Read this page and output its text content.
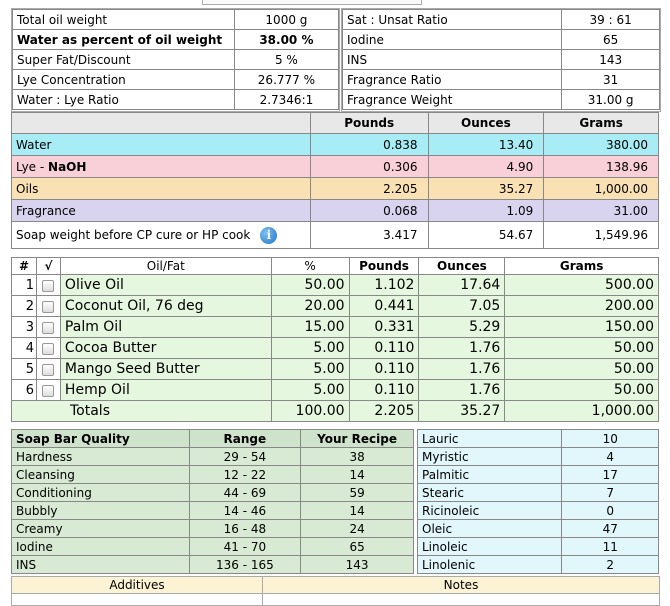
Total oil weight	1000 g
Water as percent of oil weight	38.00 %
Super Fat/Discount	5 %
Lye Concentration	26.777 %
Water : Lye Ratio	2.7346:1
Sat : Unsat Ratio	39 : 61
Iodine	65
INS	143
Fragrance Ratio	31
Fragrance Weight	31.00 g
	Pounds	Ounces	Grams
Water	0.838	13.40	380.00
Lye - NaOH	0.306	4.90	138.96
Oils	2.205	35.27	1,000.00
Fragrance	0.068	1.09	31.00
Soap weight before CP cure or HP cook i	3.417	54.67	1,549.96
#	√	Oil/Fat	%	Pounds	Ounces	Grams
1		Olive Oil	50.00	1.102	17.64	500.00
2		Coconut Oil, 76 deg	20.00	0.441	7.05	200.00
3		Palm Oil	15.00	0.331	5.29	150.00
4		Cocoa Butter	5.00	0.110	1.76	50.00
5		Mango Seed Butter	5.00	0.110	1.76	50.00
6		Hemp Oil	5.00	0.110	1.76	50.00
Totals			100.00	2.205	35.27	1,000.00
Soap Bar Quality	Range	Your Recipe
Hardness	29 - 54	38
Cleansing	12 - 22	14
Conditioning	44 - 69	59
Bubbly	14 - 46	14
Creamy	16 - 48	24
Iodine	41 - 70	65
INS	136 - 165	143
Lauric	10
Myristic	4
Palmitic	17
Stearic	7
Ricinoleic	0
Oleic	47
Linoleic	11
Linolenic	2
Additives	Notes
